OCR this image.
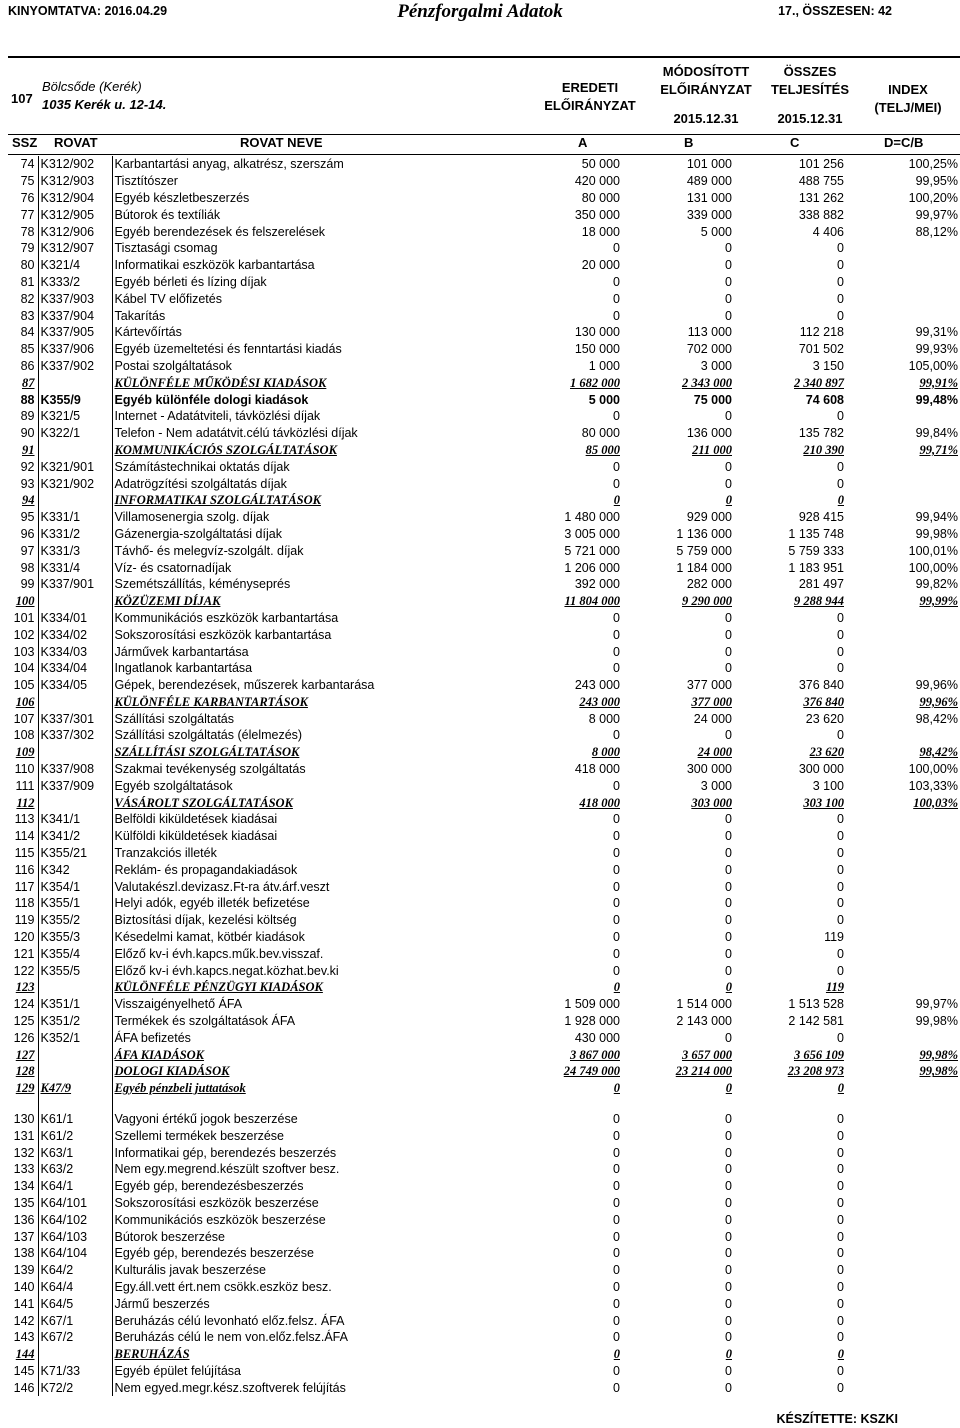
KINYOMTATVA: 2016.04.29	Pénzforgalmi Adatok	17., ÖSSZESEN: 42
107
Bölcsőde (Kerék)
1035 Kerék u. 12-14.
EREDETI
ELŐIRÁNYZAT
MÓDOSÍTOTT
ELŐIRÁNYZAT
2015.12.31
ÖSSZES
TELJESÍTÉS
2015.12.31
INDEX
(TELJ/MEI)
SSZ ROVAT	ROVAT NEVE	A	B	C	D=C/B
74	K312/902	Karbantartási anyag, alkatrész, szerszám	50 000	101 000	101 256	100,25%
75	K312/903	Tisztítószer	420 000	489 000	488 755	99,95%
76	K312/904	Egyéb készletbeszerzés	80 000	131 000	131 262	100,20%
77	K312/905	Bútorok és textíliák	350 000	339 000	338 882	99,97%
78	K312/906	Egyéb berendezések és felszerelések	18 000	5 000	4 406	88,12%
79	K312/907	Tisztasági csomag	0	0	0	
80	K321/4	Informatikai eszközök karbantartása	20 000	0	0	
81	K333/2	Egyéb bérleti és lízing díjak	0	0	0	
82	K337/903	Kábel TV előfizetés	0	0	0	
83	K337/904	Takarítás	0	0	0	
84	K337/905	Kártevőírtás	130 000	113 000	112 218	99,31%
85	K337/906	Egyéb üzemeltetési és fenntartási kiadás	150 000	702 000	701 502	99,93%
86	K337/902	Postai szolgáltatások	1 000	3 000	3 150	105,00%
87		KÜLÖNFÉLE MŰKÖDÉSI KIADÁSOK	1 682 000	2 343 000	2 340 897	99,91%
88	K355/9	Egyéb különféle dologi kiadások	5 000	75 000	74 608	99,48%
89	K321/5	Internet - Adatátviteli, távközlési díjak	0	0	0	
90	K322/1	Telefon - Nem adatátvit.célú távközlési díjak	80 000	136 000	135 782	99,84%
91		KOMMUNIKÁCIÓS SZOLGÁLTATÁSOK	85 000	211 000	210 390	99,71%
92	K321/901	Számítástechnikai oktatás díjak	0	0	0	
93	K321/902	Adatrögzítési szolgáltatás díjak	0	0	0	
94		INFORMATIKAI SZOLGÁLTATÁSOK	0	0	0	
95	K331/1	Villamosenergia szolg. díjak	1 480 000	929 000	928 415	99,94%
96	K331/2	Gázenergia-szolgáltatási díjak	3 005 000	1 136 000	1 135 748	99,98%
97	K331/3	Távhő- és melegvíz-szolgált. díjak	5 721 000	5 759 000	5 759 333	100,01%
98	K331/4	Víz- és csatornadíjak	1 206 000	1 184 000	1 183 951	100,00%
99	K337/901	Szemétszállítás, kéményseprés	392 000	282 000	281 497	99,82%
100		KÖZÜZEMI DÍJAK	11 804 000	9 290 000	9 288 944	99,99%
101	K334/01	Kommunikációs eszközök karbantartása	0	0	0	
102	K334/02	Sokszorosítási eszközök karbantartása	0	0	0	
103	K334/03	Járművek karbantartása	0	0	0	
104	K334/04	Ingatlanok karbantartása	0	0	0	
105	K334/05	Gépek, berendezések, műszerek karbantarása	243 000	377 000	376 840	99,96%
106		KÜLÖNFÉLE KARBANTARTÁSOK	243 000	377 000	376 840	99,96%
107	K337/301	Szállítási szolgáltatás	8 000	24 000	23 620	98,42%
108	K337/302	Szállítási szolgáltatás (élelmezés)	0	0	0	
109		SZÁLLÍTÁSI SZOLGÁLTATÁSOK	8 000	24 000	23 620	98,42%
110	K337/908	Szakmai tevékenység szolgáltatás	418 000	300 000	300 000	100,00%
111	K337/909	Egyéb szolgáltatások	0	3 000	3 100	103,33%
112		VÁSÁROLT SZOLGÁLTATÁSOK	418 000	303 000	303 100	100,03%
113	K341/1	Belföldi kiküldetések kiadásai	0	0	0	
114	K341/2	Külföldi kiküldetések kiadásai	0	0	0	
115	K355/21	Tranzakciós illeték	0	0	0	
116	K342	Reklám- és propagandakiadások	0	0	0	
117	K354/1	Valutakészl.devizasz.Ft-ra átv.árf.veszt	0	0	0	
118	K355/1	Helyi adók, egyéb illeték befizetése	0	0	0	
119	K355/2	Biztosítási díjak, kezelési költség	0	0	0	
120	K355/3	Késedelmi kamat, kötbér kiadások	0	0	119	
121	K355/4	Előző kv-i évh.kapcs.műk.bev.visszaf.	0	0	0	
122	K355/5	Előző kv-i évh.kapcs.negat.közhat.bev.ki	0	0	0	
123		KÜLÖNFÉLE PÉNZÜGYI KIADÁSOK	0	0	119	
124	K351/1	Visszaigényelhető ÁFA	1 509 000	1 514 000	1 513 528	99,97%
125	K351/2	Termékek és szolgáltatások ÁFA	1 928 000	2 143 000	2 142 581	99,98%
126	K352/1	ÁFA befizetés	430 000	0	0	
127		ÁFA KIADÁSOK	3 867 000	3 657 000	3 656 109	99,98%
128		DOLOGI KIADÁSOK	24 749 000	23 214 000	23 208 973	99,98%
129	K47/9	Egyéb pénzbeli juttatások	0	0	0	

130	K61/1	Vagyoni értékű jogok beszerzése	0	0	0	
131	K61/2	Szellemi termékek beszerzése	0	0	0	
132	K63/1	Informatikai gép, berendezés beszerzés	0	0	0	
133	K63/2	Nem egy.megrend.készült szoftver besz.	0	0	0	
134	K64/1	Egyéb gép, berendezésbeszerzés	0	0	0	
135	K64/101	Sokszorosítási eszközök beszerzése	0	0	0	
136	K64/102	Kommunikációs eszközök beszerzése	0	0	0	
137	K64/103	Bútorok beszerzése	0	0	0	
138	K64/104	Egyéb gép, berendezés beszerzése	0	0	0	
139	K64/2	Kulturális javak beszerzése	0	0	0	
140	K64/4	Egy.áll.vett ért.nem csökk.eszköz besz.	0	0	0	
141	K64/5	Jármű beszerzés	0	0	0	
142	K67/1	Beruházás célú levonható előz.felsz. ÁFA	0	0	0	
143	K67/2	Beruházás célú le nem von.előz.felsz.ÁFA	0	0	0	
144		BERUHÁZÁS	0	0	0	
145	K71/33	Egyéb épület felújítása	0	0	0	
146	K72/2	Nem egyed.megr.kész.szoftverek felújítás	0	0	0	
KÉSZÍTETTE: KSZKI
